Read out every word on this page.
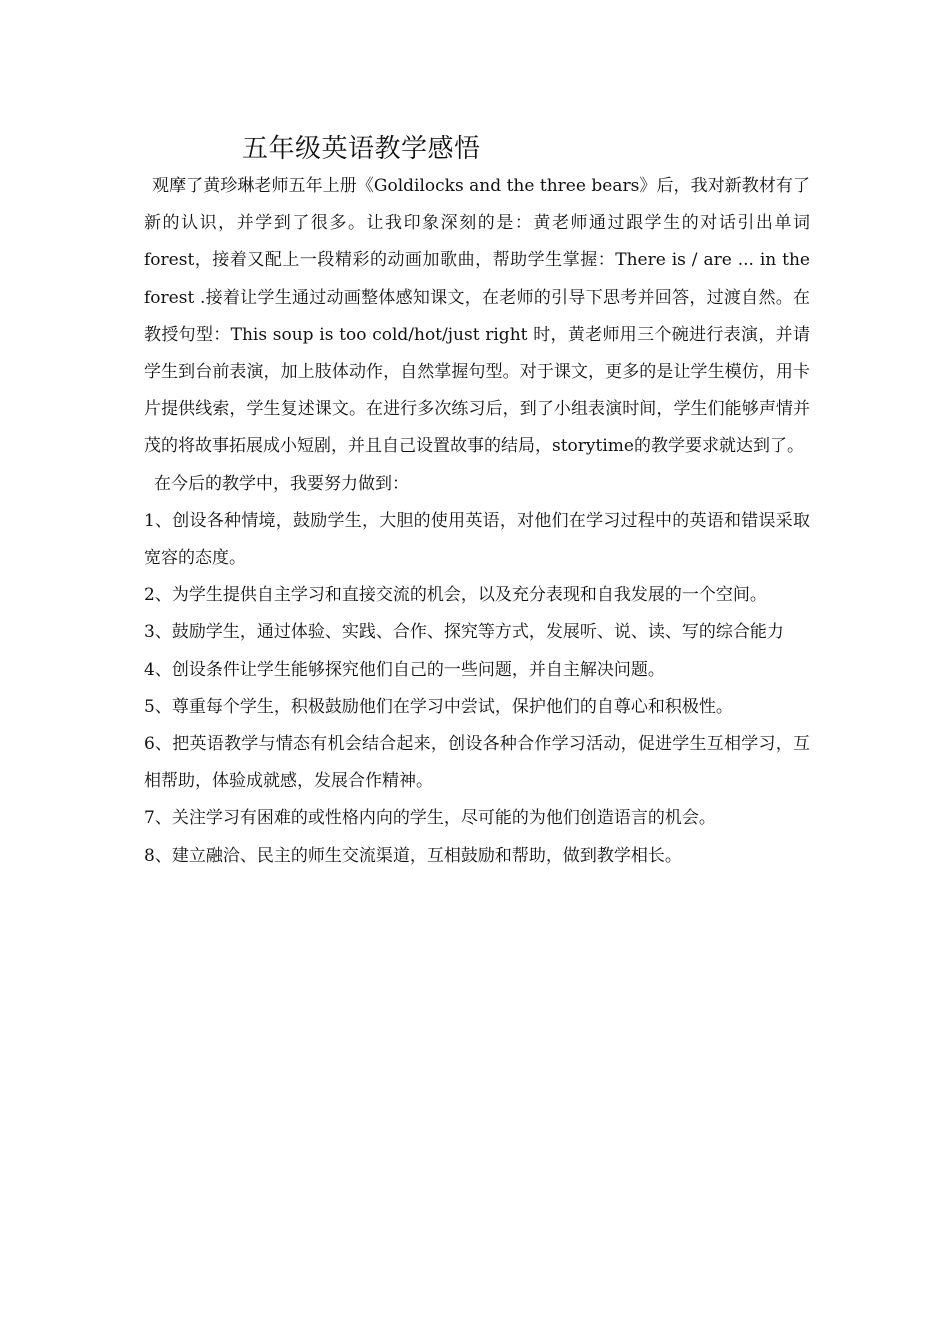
五年级英语教学感悟

观摩了黄珍琳老师五年上册《Goldilocks and the three bears》后，我对新教材有了新的认识，并学到了很多。让我印象深刻的是：黄老师通过跟学生的对话引出单词forest，接着又配上一段精彩的动画加歌曲，帮助学生掌握：There is / are ... in the forest .接着让学生通过动画整体感知课文，在老师的引导下思考并回答，过渡自然。在教授句型：This soup is too cold/hot/just right 时，黄老师用三个碗进行表演，并请学生到台前表演，加上肢体动作，自然掌握句型。对于课文，更多的是让学生模仿，用卡片提供线索，学生复述课文。在进行多次练习后，到了小组表演时间，学生们能够声情并茂的将故事拓展成小短剧，并且自己设置故事的结局，storytime的教学要求就达到了。

在今后的教学中，我要努力做到：

1、创设各种情境，鼓励学生，大胆的使用英语，对他们在学习过程中的英语和错误采取宽容的态度。

2、为学生提供自主学习和直接交流的机会，以及充分表现和自我发展的一个空间。

3、鼓励学生，通过体验、实践、合作、探究等方式，发展听、说、读、写的综合能力

4、创设条件让学生能够探究他们自己的一些问题，并自主解决问题。

5、尊重每个学生，积极鼓励他们在学习中尝试，保护他们的自尊心和积极性。

6、把英语教学与情态有机会结合起来，创设各种合作学习活动，促进学生互相学习，互相帮助，体验成就感，发展合作精神。

7、关注学习有困难的或性格内向的学生，尽可能的为他们创造语言的机会。

8、建立融洽、民主的师生交流渠道，互相鼓励和帮助，做到教学相长。
